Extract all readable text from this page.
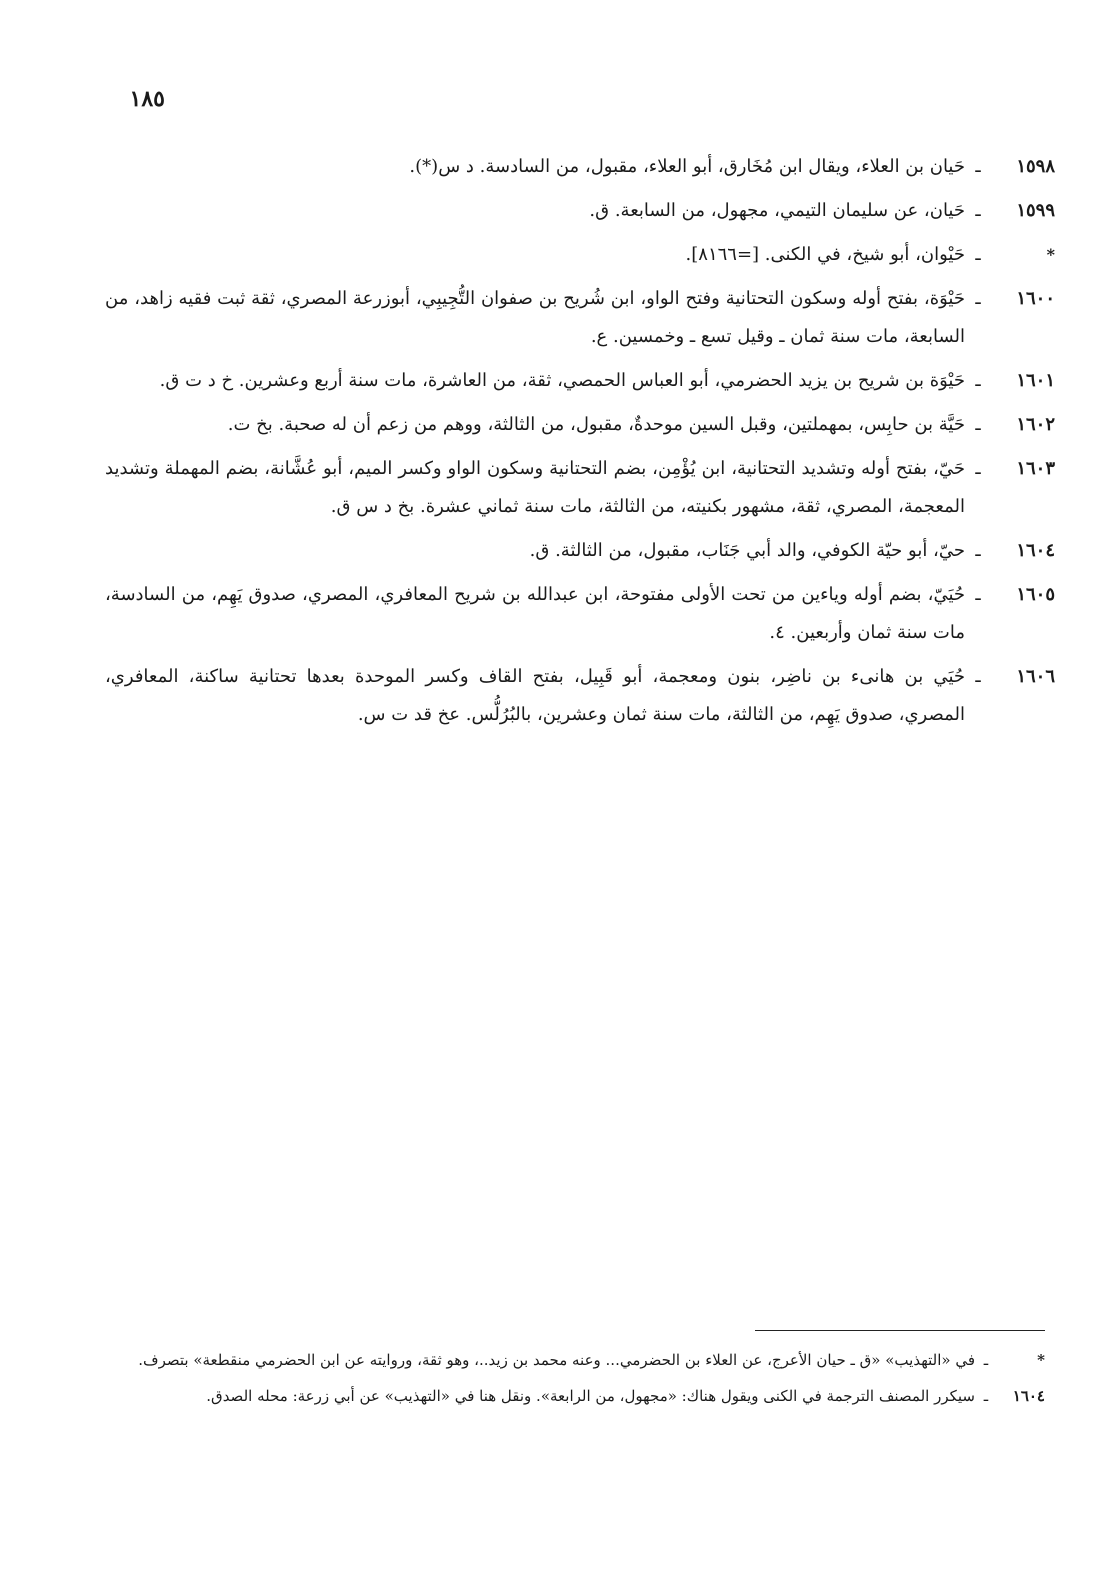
١٨٥
١٥٩٨
ـ
حَيان بن العلاء، ويقال ابن مُخَارق، أبو العلاء، مقبول، من السادسة. د س(*).
١٥٩٩
ـ
حَيان، عن سليمان التيمي، مجهول، من السابعة. ق.
*
ـ
حَيْوان، أبو شيخ، في الكنى. [=٨١٦٦].
١٦٠٠
ـ
حَيْوَة، بفتح أوله وسكون التحتانية وفتح الواو، ابن شُريح بن صفوان التُّجِيبِي، أبوزرعة المصري، ثقة ثبت فقيه زاهد، من السابعة، مات سنة ثمان ـ وقيل تسع ـ وخمسين. ع.
١٦٠١
ـ
حَيْوَة بن شريح بن يزيد الحضرمي، أبو العباس الحمصي، ثقة، من العاشرة، مات سنة أربع وعشرين. خ د ت ق.
١٦٠٢
ـ
حَيَّة بن حابِس، بمهملتين، وقبل السين موحدةٌ، مقبول، من الثالثة، ووهم من زعم أن له صحبة. بخ ت.
١٦٠٣
ـ
حَيّ، بفتح أوله وتشديد التحتانية، ابن يُؤْمِن، بضم التحتانية وسكون الواو وكسر الميم، أبو عُشَّانة، بضم المهملة وتشديد المعجمة، المصري، ثقة، مشهور بكنيته، من الثالثة، مات سنة ثماني عشرة. بخ د س ق.
١٦٠٤
ـ
حيّ، أبو حيّة الكوفي، والد أبي جَنَاب، مقبول، من الثالثة. ق.
١٦٠٥
ـ
حُيَيّ، بضم أوله وياءين من تحت الأولى مفتوحة، ابن عبدالله بن شريح المعافري، المصري، صدوق يَهِم، من السادسة، مات سنة ثمان وأربعين. ٤.
١٦٠٦
ـ
حُيَي بن هانىء بن ناضِر، بنون ومعجمة، أبو قَبِيل، بفتح القاف وكسر الموحدة بعدها تحتانية ساكنة، المعافري، المصري، صدوق يَهِم، من الثالثة، مات سنة ثمان وعشرين، بالبُرُلُّس. عخ قد ت س.
*
ـ
في «التهذيب» «ق ـ حيان الأعرج، عن العلاء بن الحضرمي... وعنه محمد بن زيد..، وهو ثقة، وروايته عن ابن الحضرمي منقطعة» بتصرف.
١٦٠٤
ـ
سيكرر المصنف الترجمة في الكنى ويقول هناك: «مجهول، من الرابعة». ونقل هنا في «التهذيب» عن أبي زرعة: محله الصدق.
